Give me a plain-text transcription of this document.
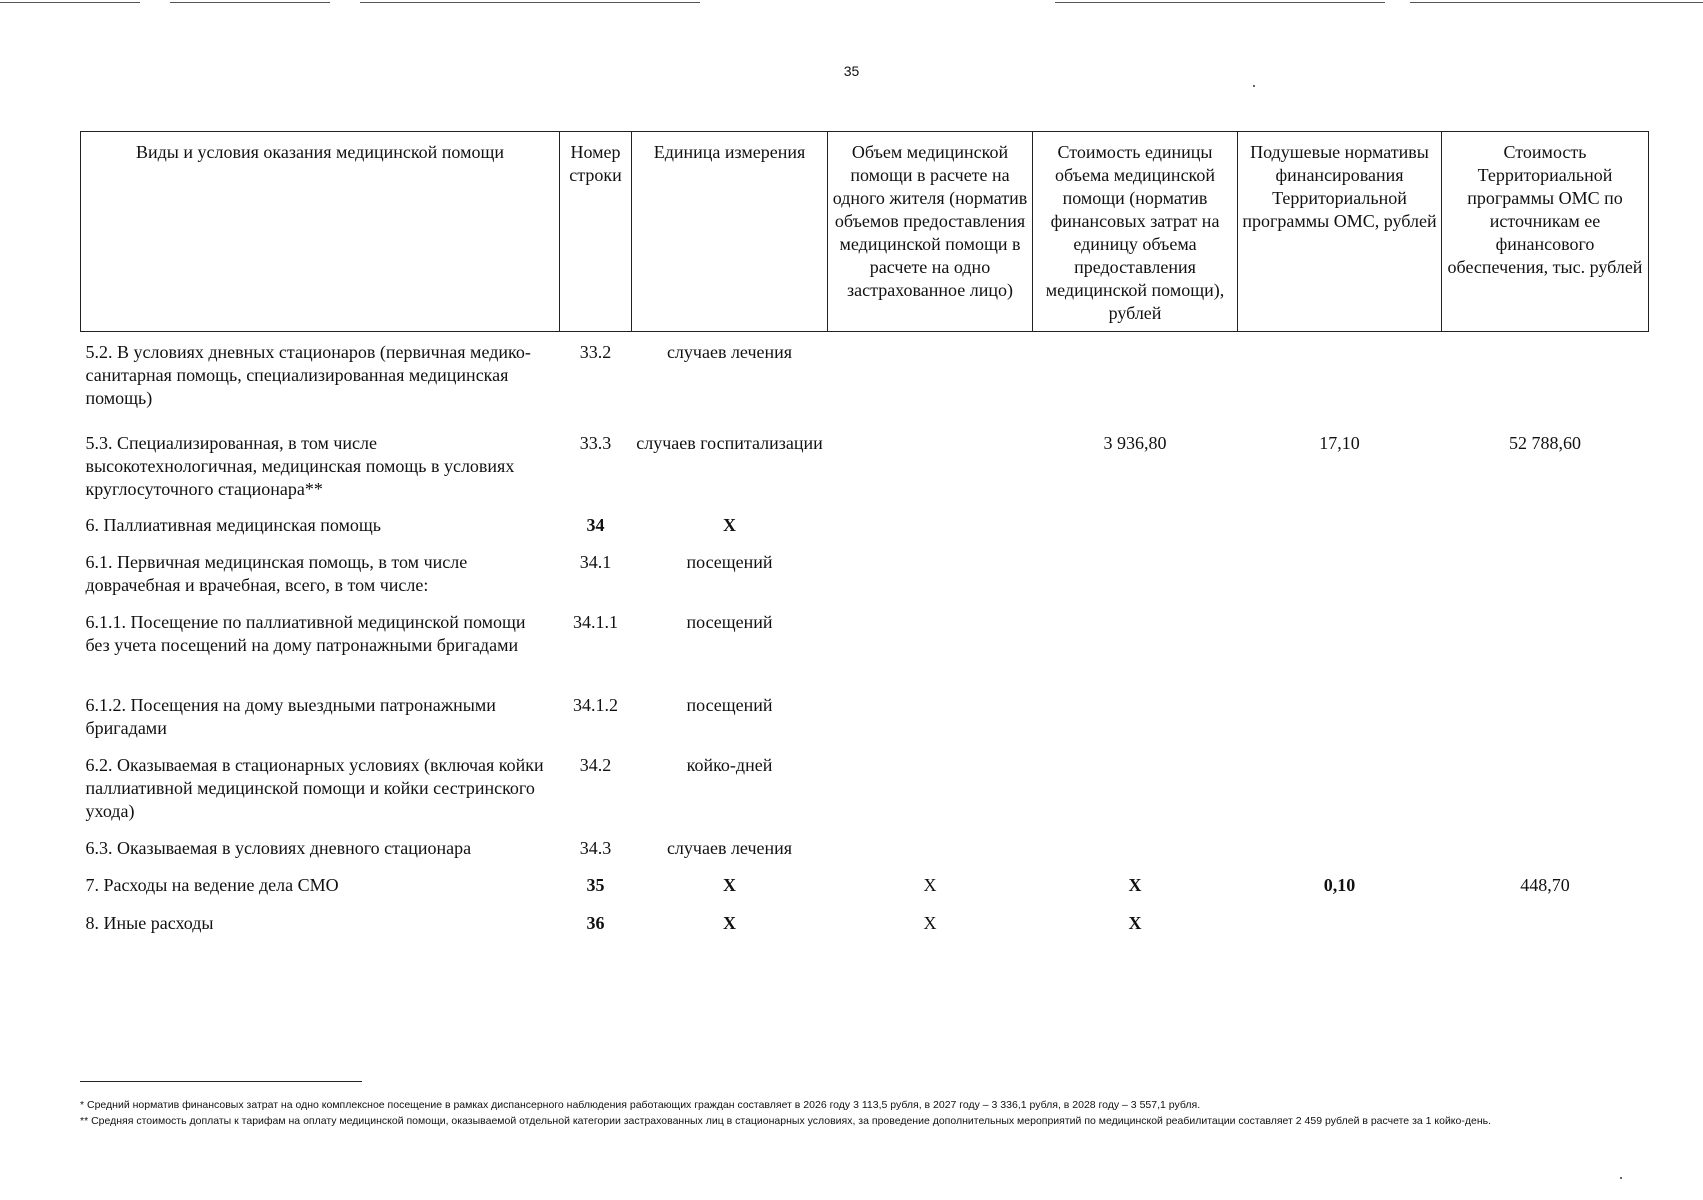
35
Виды и условия оказания медицинской помощи	Номер строки	Единица измерения	Объем медицинской помощи в расчете на одного жителя (норматив объемов предоставления медицинской помощи в расчете на одно застрахованное лицо)	Стоимость единицы объема медицинской помощи (норматив финансовых затрат на единицу объема предоставления медицинской помощи), рублей	Подушевые нормативы финансирования Территориальной программы ОМС, рублей	Стоимость Территориальной программы ОМС по источникам ее финансового обеспечения, тыс. рублей
5.2. В условиях дневных стационаров (первичная медико-санитарная помощь, специализированная медицинская помощь)	33.2	случаев лечения				
5.3. Специализированная, в том числе высокотехнологичная, медицинская помощь в условиях круглосуточного стационара**	33.3	случаев госпитализации		3 936,80	17,10	52 788,60
6. Паллиативная медицинская помощь	34	X				
6.1. Первичная медицинская помощь, в том числе доврачебная и врачебная, всего, в том числе:	34.1	посещений				
6.1.1. Посещение по паллиативной медицинской помощи без учета посещений на дому патронажными бригадами	34.1.1	посещений				
6.1.2. Посещения на дому выездными патронажными бригадами	34.1.2	посещений				
6.2. Оказываемая в стационарных условиях (включая койки паллиативной медицинской помощи и койки сестринского ухода)	34.2	койко-дней				
6.3. Оказываемая в условиях дневного стационара	34.3	случаев лечения				
7. Расходы на ведение дела СМО	35	X	X	X	0,10	448,70
8. Иные расходы	36	X	X	X		

* Средний норматив финансовых затрат на одно комплексное посещение в рамках диспансерного наблюдения работающих граждан составляет в 2026 году 3 113,5 рубля, в 2027 году – 3 336,1 рубля, в 2028 году – 3 557,1 рубля.

** Средняя стоимость доплаты к тарифам на оплату медицинской помощи, оказываемой отдельной категории застрахованных лиц в стационарных условиях, за проведение дополнительных мероприятий по медицинской реабилитации составляет 2 459 рублей в расчете за 1 койко-день.
